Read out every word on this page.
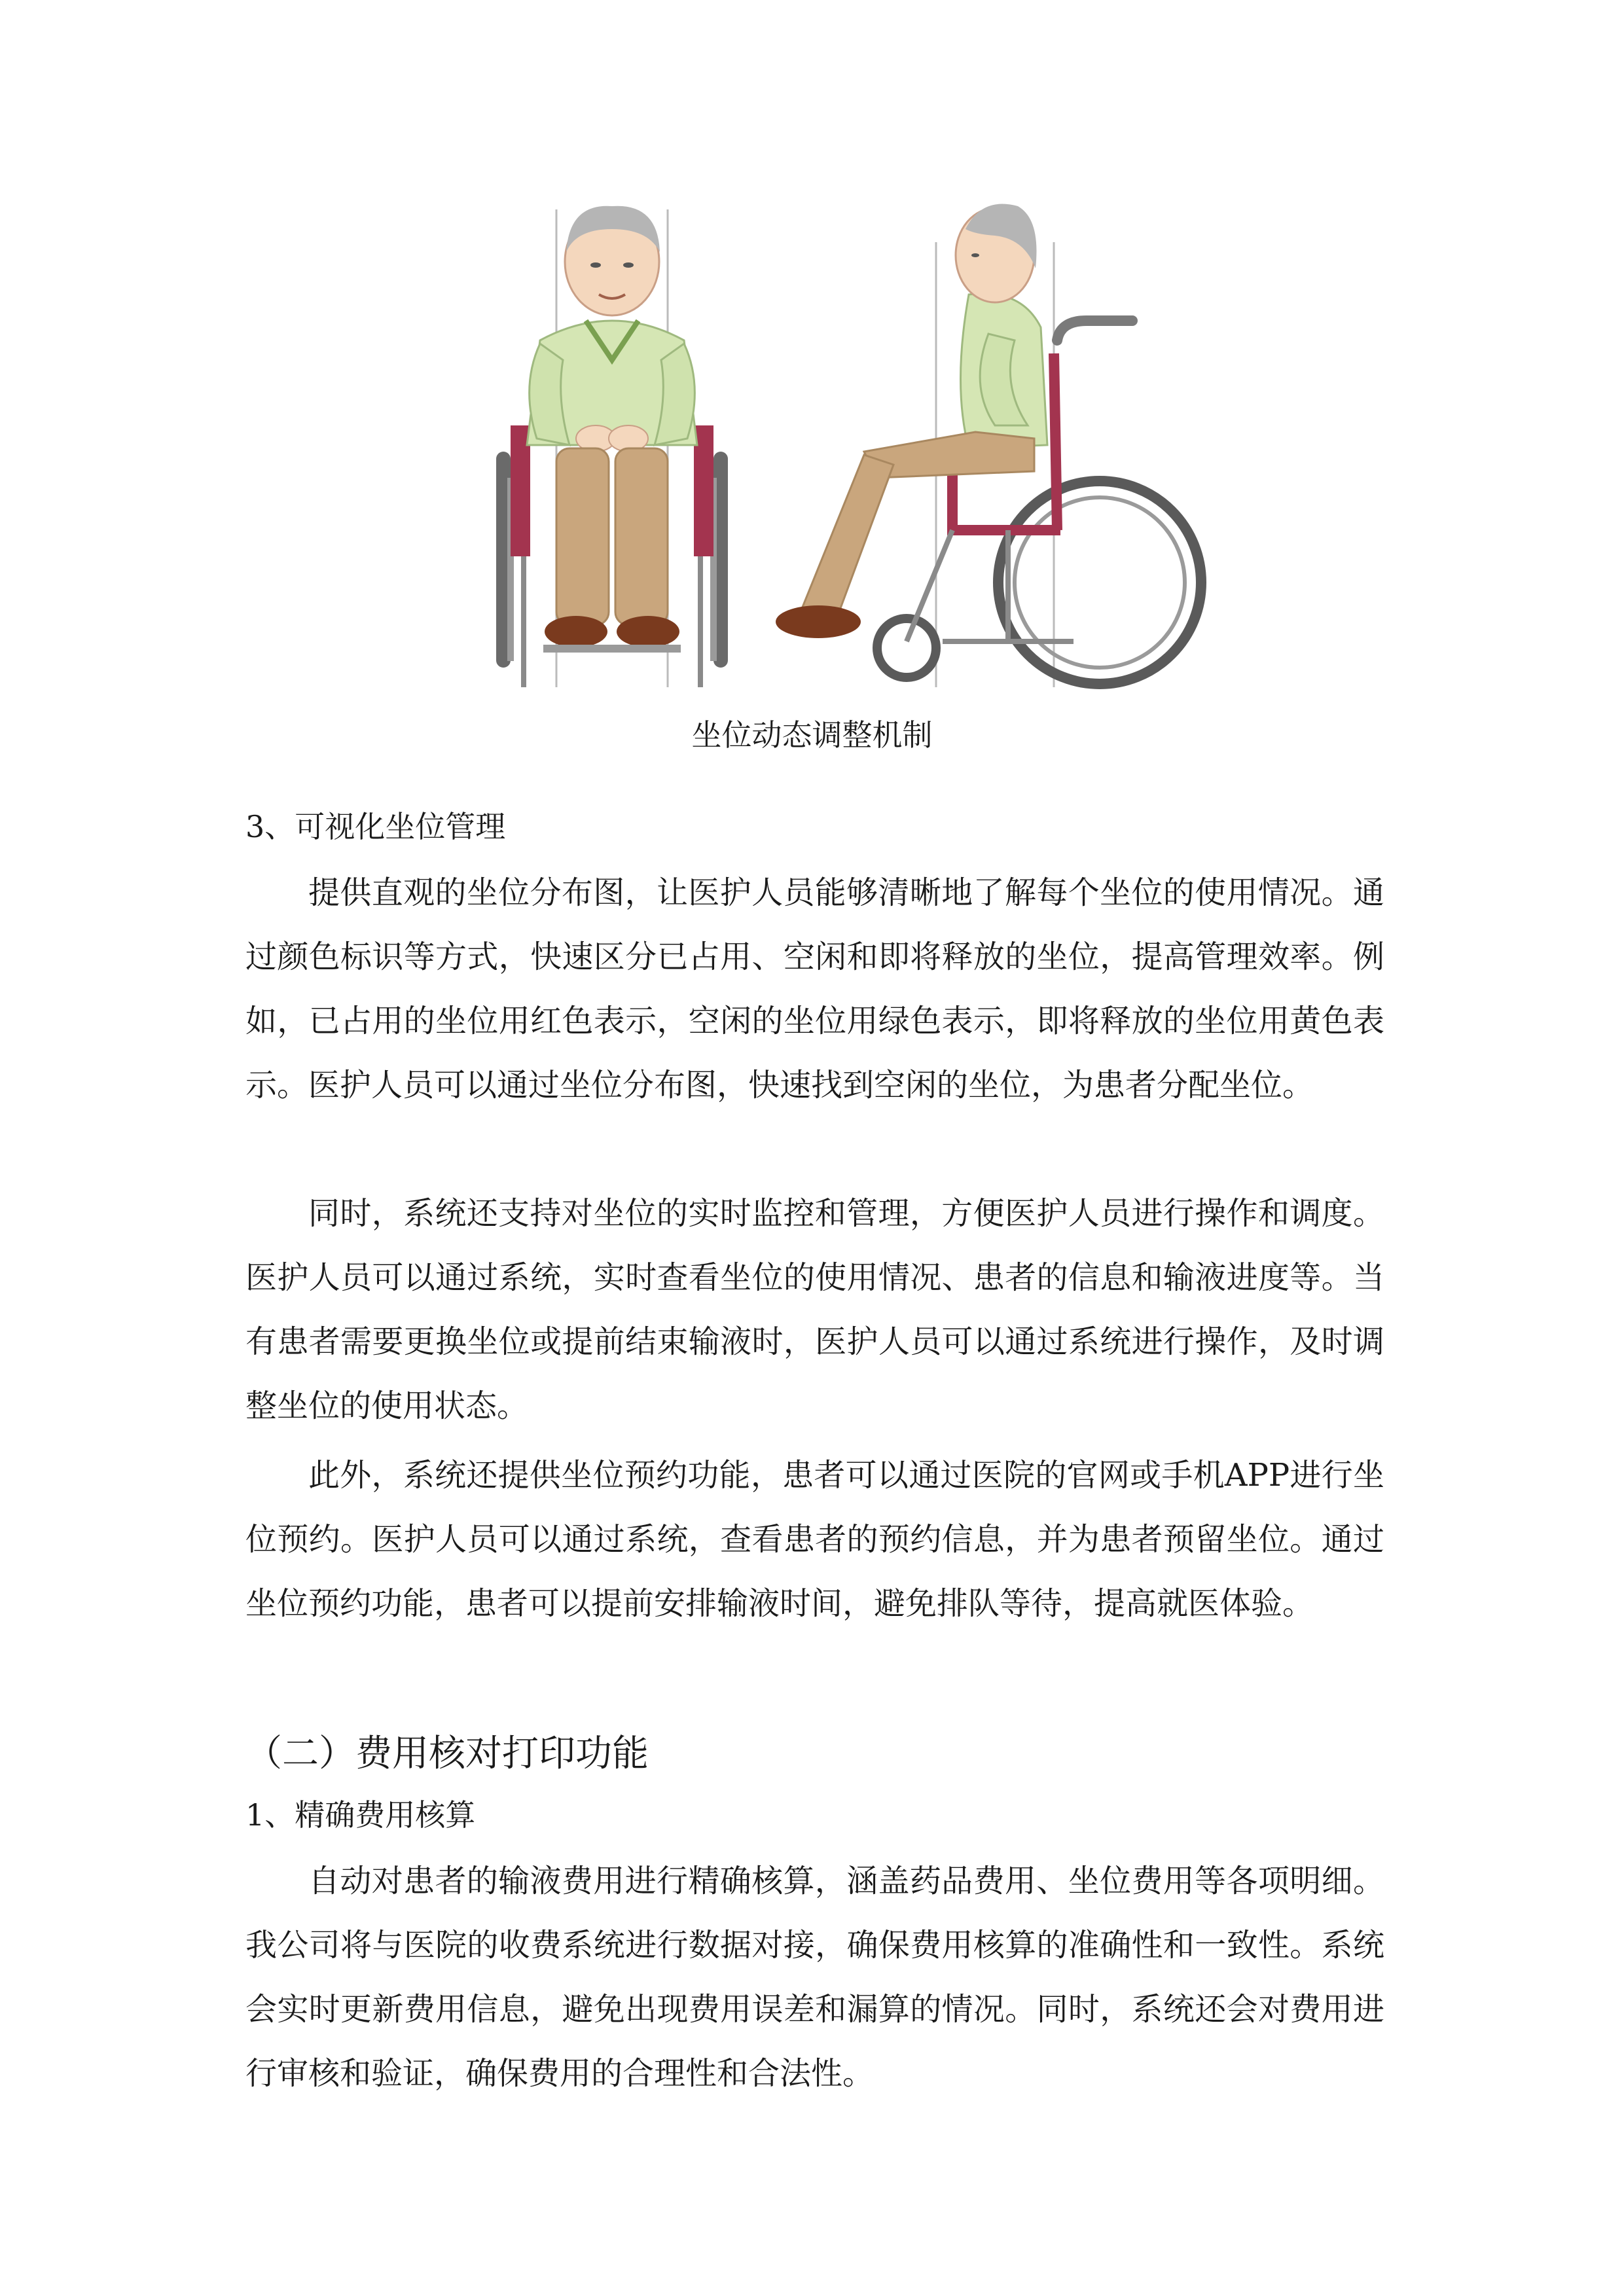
坐位动态调整机制
3、可视化坐位管理

提供直观的坐位分布图，让医护人员能够清晰地了解每个坐位的使用情况。通过颜色标识等方式，快速区分已占用、空闲和即将释放的坐位，提高管理效率。例如，已占用的坐位用红色表示，空闲的坐位用绿色表示，即将释放的坐位用黄色表示。医护人员可以通过坐位分布图，快速找到空闲的坐位，为患者分配坐位。

同时，系统还支持对坐位的实时监控和管理，方便医护人员进行操作和调度。医护人员可以通过系统，实时查看坐位的使用情况、患者的信息和输液进度等。当有患者需要更换坐位或提前结束输液时，医护人员可以通过系统进行操作，及时调整坐位的使用状态。

此外，系统还提供坐位预约功能，患者可以通过医院的官网或手机APP进行坐位预约。医护人员可以通过系统，查看患者的预约信息，并为患者预留坐位。通过坐位预约功能，患者可以提前安排输液时间，避免排队等待，提高就医体验。

（二）费用核对打印功能
1、精确费用核算

自动对患者的输液费用进行精确核算，涵盖药品费用、坐位费用等各项明细。我公司将与医院的收费系统进行数据对接，确保费用核算的准确性和一致性。系统会实时更新费用信息，避免出现费用误差和漏算的情况。同时，系统还会对费用进行审核和验证，确保费用的合理性和合法性。
